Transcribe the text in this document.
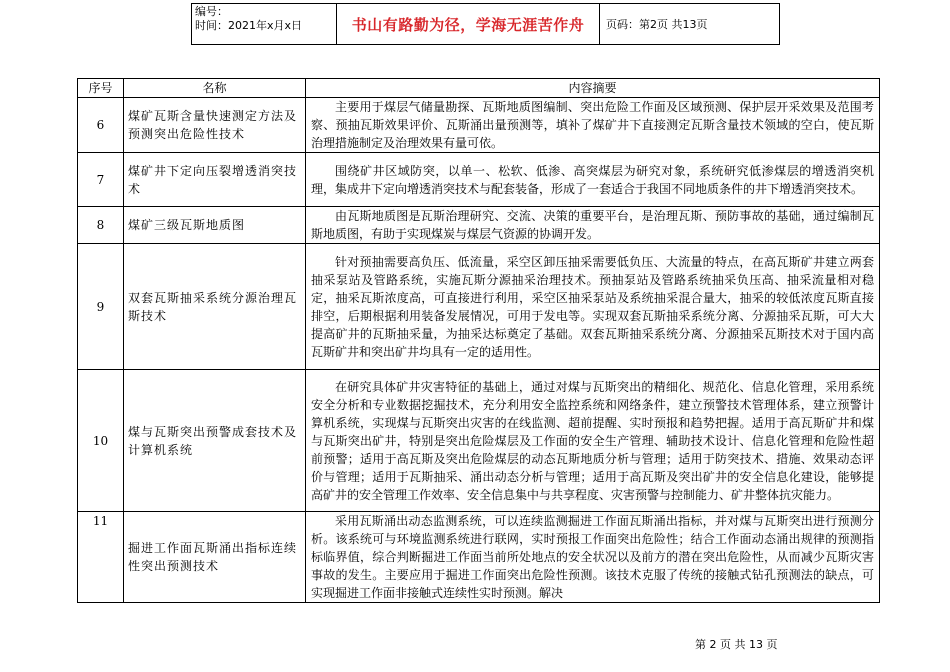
编号：
时间：2021年x月x日	书山有路勤为径，学海无涯苦作舟	页码：第2页 共13页
序号	名称	内容摘要
6	煤矿瓦斯含量快速测定方法及预测突出危险性技术	主要用于煤层气储量勘探、瓦斯地质图编制、突出危险工作面及区域预测、保护层开采效果及范围考察、预抽瓦斯效果评价、瓦斯涌出量预测等，填补了煤矿井下直接测定瓦斯含量技术领域的空白，使瓦斯治理措施制定及治理效果有量可依。
7	煤矿井下定向压裂增透消突技术	围绕矿井区域防突，以单一、松软、低渗、高突煤层为研究对象，系统研究低渗煤层的增透消突机理，集成井下定向增透消突技术与配套装备，形成了一套适合于我国不同地质条件的井下增透消突技术。
8	煤矿三级瓦斯地质图	由瓦斯地质图是瓦斯治理研究、交流、决策的重要平台，是治理瓦斯、预防事故的基础，通过编制瓦斯地质图，有助于实现煤炭与煤层气资源的协调开发。
9	双套瓦斯抽采系统分源治理瓦斯技术	针对预抽需要高负压、低流量，采空区卸压抽采需要低负压、大流量的特点，在高瓦斯矿井建立两套抽采泵站及管路系统，实施瓦斯分源抽采治理技术。预抽泵站及管路系统抽采负压高、抽采流量相对稳定，抽采瓦斯浓度高，可直接进行利用，采空区抽采泵站及系统抽采混合量大，抽采的较低浓度瓦斯直接排空，后期根据利用装备发展情况，可用于发电等。实现双套瓦斯抽采系统分离、分源抽采瓦斯，可大大提高矿井的瓦斯抽采量，为抽采达标奠定了基础。双套瓦斯抽采系统分离、分源抽采瓦斯技术对于国内高瓦斯矿井和突出矿井均具有一定的适用性。
10	煤与瓦斯突出预警成套技术及计算机系统	在研究具体矿井灾害特征的基础上，通过对煤与瓦斯突出的精细化、规范化、信息化管理，采用系统安全分析和专业数据挖掘技术，充分利用安全监控系统和网络条件，建立预警技术管理体系，建立预警计算机系统，实现煤与瓦斯突出灾害的在线监测、超前提醒、实时预报和趋势把握。适用于高瓦斯矿井和煤与瓦斯突出矿井，特别是突出危险煤层及工作面的安全生产管理、辅助技术设计、信息化管理和危险性超前预警；适用于高瓦斯及突出危险煤层的动态瓦斯地质分析与管理；适用于防突技术、措施、效果动态评价与管理；适用于瓦斯抽采、涌出动态分析与管理；适用于高瓦斯及突出矿井的安全信息化建设，能够提高矿井的安全管理工作效率、安全信息集中与共享程度、灾害预警与控制能力、矿井整体抗灾能力。
11	掘进工作面瓦斯涌出指标连续性突出预测技术	采用瓦斯涌出动态监测系统，可以连续监测掘进工作面瓦斯涌出指标，并对煤与瓦斯突出进行预测分析。该系统可与环境监测系统进行联网，实时预报工作面突出危险性；结合工作面动态涌出规律的预测指标临界值，综合判断掘进工作面当前所处地点的安全状况以及前方的潜在突出危险性，从而减少瓦斯灾害事故的发生。主要应用于掘进工作面突出危险性预测。该技术克服了传统的接触式钻孔预测法的缺点，可实现掘进工作面非接触式连续性实时预测。解决
第 2 页 共 13 页
